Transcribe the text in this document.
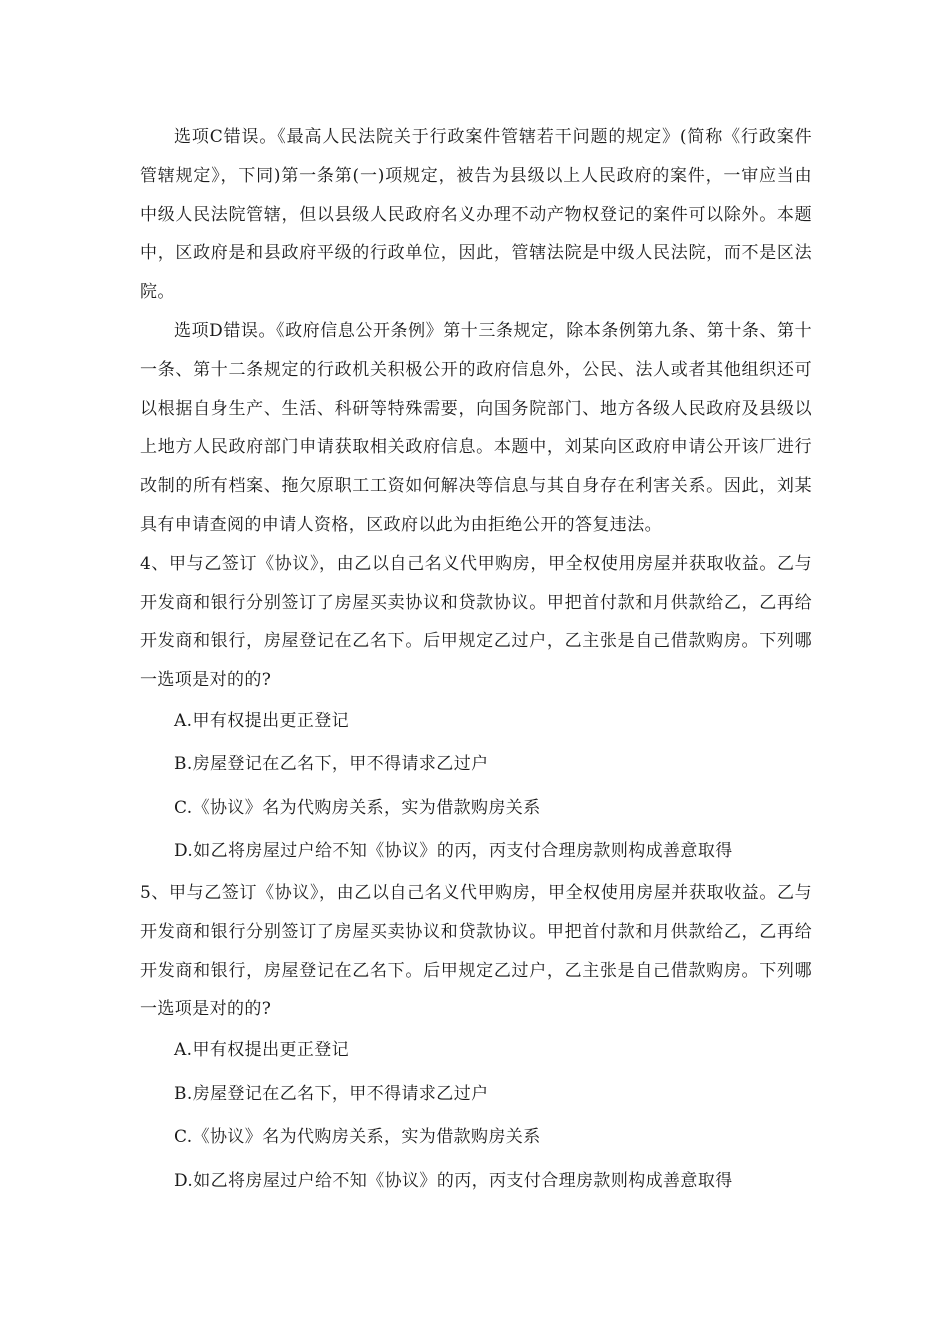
选项C错误。《最高人民法院关于行政案件管辖若干问题的规定》(简称《行政案件管辖规定》，下同)第一条第(一)项规定，被告为县级以上人民政府的案件，一审应当由中级人民法院管辖，但以县级人民政府名义办理不动产物权登记的案件可以除外。本题中，区政府是和县政府平级的行政单位，因此，管辖法院是中级人民法院，而不是区法院。

选项D错误。《政府信息公开条例》第十三条规定，除本条例第九条、第十条、第十一条、第十二条规定的行政机关积极公开的政府信息外，公民、法人或者其他组织还可以根据自身生产、生活、科研等特殊需要，向国务院部门、地方各级人民政府及县级以上地方人民政府部门申请获取相关政府信息。本题中，刘某向区政府申请公开该厂进行改制的所有档案、拖欠原职工工资如何解决等信息与其自身存在利害关系。因此，刘某具有申请查阅的申请人资格，区政府以此为由拒绝公开的答复违法。

4、甲与乙签订《协议》，由乙以自己名义代甲购房，甲全权使用房屋并获取收益。乙与开发商和银行分别签订了房屋买卖协议和贷款协议。甲把首付款和月供款给乙，乙再给开发商和银行，房屋登记在乙名下。后甲规定乙过户，乙主张是自己借款购房。下列哪一选项是对的的?

A.甲有权提出更正登记

B.房屋登记在乙名下，甲不得请求乙过户

C.《协议》名为代购房关系，实为借款购房关系

D.如乙将房屋过户给不知《协议》的丙，丙支付合理房款则构成善意取得

5、甲与乙签订《协议》，由乙以自己名义代甲购房，甲全权使用房屋并获取收益。乙与开发商和银行分别签订了房屋买卖协议和贷款协议。甲把首付款和月供款给乙，乙再给开发商和银行，房屋登记在乙名下。后甲规定乙过户，乙主张是自己借款购房。下列哪一选项是对的的?

A.甲有权提出更正登记

B.房屋登记在乙名下，甲不得请求乙过户

C.《协议》名为代购房关系，实为借款购房关系

D.如乙将房屋过户给不知《协议》的丙，丙支付合理房款则构成善意取得
